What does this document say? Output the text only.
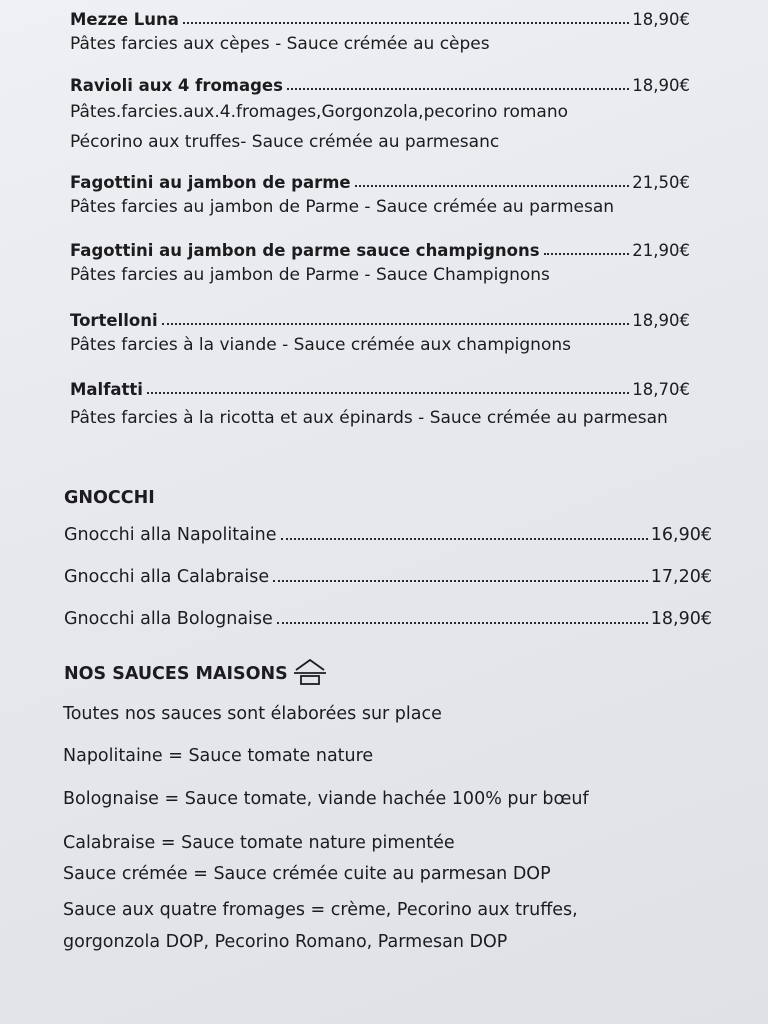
Mezze Luna	18,90€
Pâtes farcies aux cèpes - Sauce crémée au cèpes
Ravioli aux 4 fromages	18,90€
Pâtes.farcies.aux.4.fromages,Gorgonzola,pecorino romano
Pécorino aux truffes- Sauce crémée au parmesanc
Fagottini au jambon de parme	21,50€
Pâtes farcies au jambon de Parme - Sauce crémée au parmesan
Fagottini au jambon de parme sauce champignons	21,90€
Pâtes farcies au jambon de Parme - Sauce Champignons
Tortelloni	18,90€
Pâtes farcies à la viande - Sauce crémée aux champignons
Malfatti	18,70€
Pâtes farcies à la ricotta et aux épinards - Sauce crémée au parmesan
GNOCCHI
Gnocchi alla Napolitaine	16,90€
Gnocchi alla Calabraise	17,20€
Gnocchi alla Bolognaise	18,90€
NOS SAUCES MAISONS
Toutes nos sauces sont élaborées sur place
Napolitaine = Sauce tomate nature
Bolognaise = Sauce tomate, viande hachée 100% pur bœuf
Calabraise = Sauce tomate nature pimentée
Sauce crémée = Sauce crémée cuite au parmesan DOP
Sauce aux quatre fromages = crème, Pecorino aux truffes,
gorgonzola DOP, Pecorino Romano, Parmesan DOP
